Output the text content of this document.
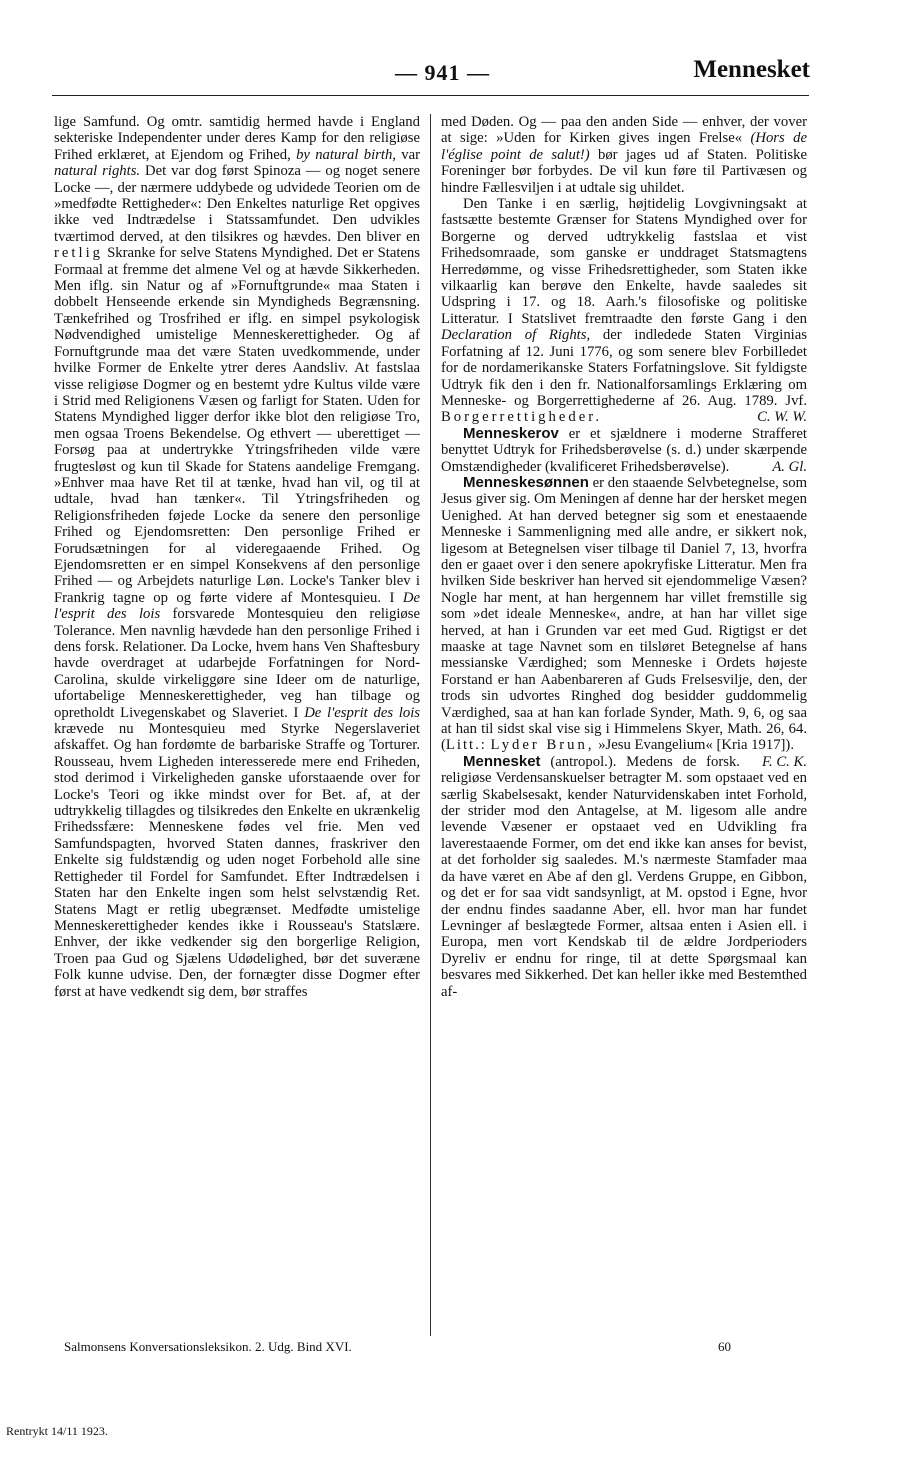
— 941 —	Mennesket

lige Samfund. Og omtr. samtidig hermed havde i England sekteriske Independenter under deres Kamp for den religiøse Frihed erklæret, at Ejendom og Frihed, by natural birth, var natural rights. Det var dog først Spinoza — og noget senere Locke —, der nærmere uddybede og udvidede Teorien om de »medfødte Rettigheder«: Den Enkeltes naturlige Ret opgives ikke ved Indtrædelse i Statssamfundet. Den udvikles tværtimod derved, at den tilsikres og hævdes. Den bliver en retlig Skranke for selve Statens Myndighed. Det er Statens Formaal at fremme det almene Vel og at hævde Sikkerheden. Men iflg. sin Natur og af »Fornuftgrunde« maa Staten i dobbelt Henseende erkende sin Myndigheds Begrænsning. Tænkefrihed og Trosfrihed er iflg. en simpel psykologisk Nødvendighed umistelige Menneskerettigheder. Og af Fornuftgrunde maa det være Staten uvedkommende, under hvilke Former de Enkelte ytrer deres Aandsliv. At fastslaa visse religiøse Dogmer og en bestemt ydre Kultus vilde være i Strid med Religionens Væsen og farligt for Staten. Uden for Statens Myndighed ligger derfor ikke blot den religiøse Tro, men ogsaa Troens Bekendelse. Og ethvert — uberettiget — Forsøg paa at undertrykke Ytringsfriheden vilde være frugtesløst og kun til Skade for Statens aandelige Fremgang. »Enhver maa have Ret til at tænke, hvad han vil, og til at udtale, hvad han tænker«. Til Ytringsfriheden og Religionsfriheden føjede Locke da senere den personlige Frihed og Ejendomsretten: Den personlige Frihed er Forudsætningen for al videregaaende Frihed. Og Ejendomsretten er en simpel Konsekvens af den personlige Frihed — og Arbejdets naturlige Løn. Locke's Tanker blev i Frankrig tagne op og førte videre af Montesquieu. I De l'esprit des lois forsvarede Montesquieu den religiøse Tolerance. Men navnlig hævdede han den personlige Frihed i dens forsk. Relationer. Da Locke, hvem hans Ven Shaftesbury havde overdraget at udarbejde Forfatningen for Nord-Carolina, skulde virkeliggøre sine Ideer om de naturlige, ufortabelige Menneskerettigheder, veg han tilbage og opretholdt Livegenskabet og Slaveriet. I De l'esprit des lois krævede nu Montesquieu med Styrke Negerslaveriet afskaffet. Og han fordømte de barbariske Straffe og Torturer. Rousseau, hvem Ligheden interesserede mere end Friheden, stod derimod i Virkeligheden ganske uforstaaende over for Locke's Teori og ikke mindst over for Bet. af, at der udtrykkelig tillagdes og tilsikredes den Enkelte en ukrænkelig Frihedssfære: Menneskene fødes vel frie. Men ved Samfundspagten, hvorved Staten dannes, fraskriver den Enkelte sig fuldstændig og uden noget Forbehold alle sine Rettigheder til Fordel for Samfundet. Efter Indtrædelsen i Staten har den Enkelte ingen som helst selvstændig Ret. Statens Magt er retlig ubegrænset. Medfødte umistelige Menneskerettigheder kendes ikke i Rousseau's Statslære. Enhver, der ikke vedkender sig den borgerlige Religion, Troen paa Gud og Sjælens Udødelighed, bør det suveræne Folk kunne udvise. Den, der fornægter disse Dogmer efter først at have vedkendt sig dem, bør straffes

med Døden. Og — paa den anden Side — enhver, der vover at sige: »Uden for Kirken gives ingen Frelse« (Hors de l'église point de salut!) bør jages ud af Staten. Politiske Foreninger bør forbydes. De vil kun føre til Partivæsen og hindre Fællesviljen i at udtale sig uhildet.

Den Tanke i en særlig, højtidelig Lovgivningsakt at fastsætte bestemte Grænser for Statens Myndighed over for Borgerne og derved udtrykkelig fastslaa et vist Frihedsomraade, som ganske er unddraget Statsmagtens Herredømme, og visse Frihedsrettigheder, som Staten ikke vilkaarlig kan berøve den Enkelte, havde saaledes sit Udspring i 17. og 18. Aarh.'s filosofiske og politiske Litteratur. I Statslivet fremtraadte den første Gang i den Declaration of Rights, der indledede Staten Virginias Forfatning af 12. Juni 1776, og som senere blev Forbilledet for de nordamerikanske Staters Forfatningslove. Sit fyldigste Udtryk fik den i den fr. Nationalforsamlings Erklæring om Menneske- og Borgerrettighederne af 26. Aug. 1789. Jvf. Borgerrettigheder.	C. W. W.

Menneskerov er et sjældnere i moderne Strafferet benyttet Udtryk for Frihedsberøvelse (s. d.) under skærpende Omstændigheder (kvalificeret Frihedsberøvelse).	A. Gl.

Menneskesønnen er den staaende Selvbetegnelse, som Jesus giver sig. Om Meningen af denne har der hersket megen Uenighed. At han derved betegner sig som et enestaaende Menneske i Sammenligning med alle andre, er sikkert nok, ligesom at Betegnelsen viser tilbage til Daniel 7, 13, hvorfra den er gaaet over i den senere apokryfiske Litteratur. Men fra hvilken Side beskriver han herved sit ejendommelige Væsen? Nogle har ment, at han hergennem har villet fremstille sig som »det ideale Menneske«, andre, at han har villet sige herved, at han i Grunden var eet med Gud. Rigtigst er det maaske at tage Navnet som en tilsløret Betegnelse af hans messianske Værdighed; som Menneske i Ordets højeste Forstand er han Aabenbareren af Guds Frelsesvilje, den, der trods sin udvortes Ringhed dog besidder guddommelig Værdighed, saa at han kan forlade Synder, Math. 9, 6, og saa at han til sidst skal vise sig i Himmelens Skyer, Math. 26, 64. (Litt.: Lyder Brun, »Jesu Evangelium« [Kria 1917]).
F. C. K.

Mennesket (antropol.). Medens de forsk. religiøse Verdensanskuelser betragter M. som opstaaet ved en særlig Skabelsesakt, kender Naturvidenskaben intet Forhold, der strider mod den Antagelse, at M. ligesom alle andre levende Væsener er opstaaet ved en Udvikling fra laverestaaende Former, om det end ikke kan anses for bevist, at det forholder sig saaledes. M.'s nærmeste Stamfader maa da have været en Abe af den gl. Verdens Gruppe, en Gibbon, og det er for saa vidt sandsynligt, at M. opstod i Egne, hvor der endnu findes saadanne Aber, ell. hvor man har fundet Levninger af beslægtede Former, altsaa enten i Asien ell. i Europa, men vort Kendskab til de ældre Jordperioders Dyreliv er endnu for ringe, til at dette Spørgsmaal kan besvares med Sikkerhed. Det kan heller ikke med Bestemthed af-

Salmonsens Konversationsleksikon. 2. Udg. Bind XVI.	60
Rentrykt 14/11 1923.
